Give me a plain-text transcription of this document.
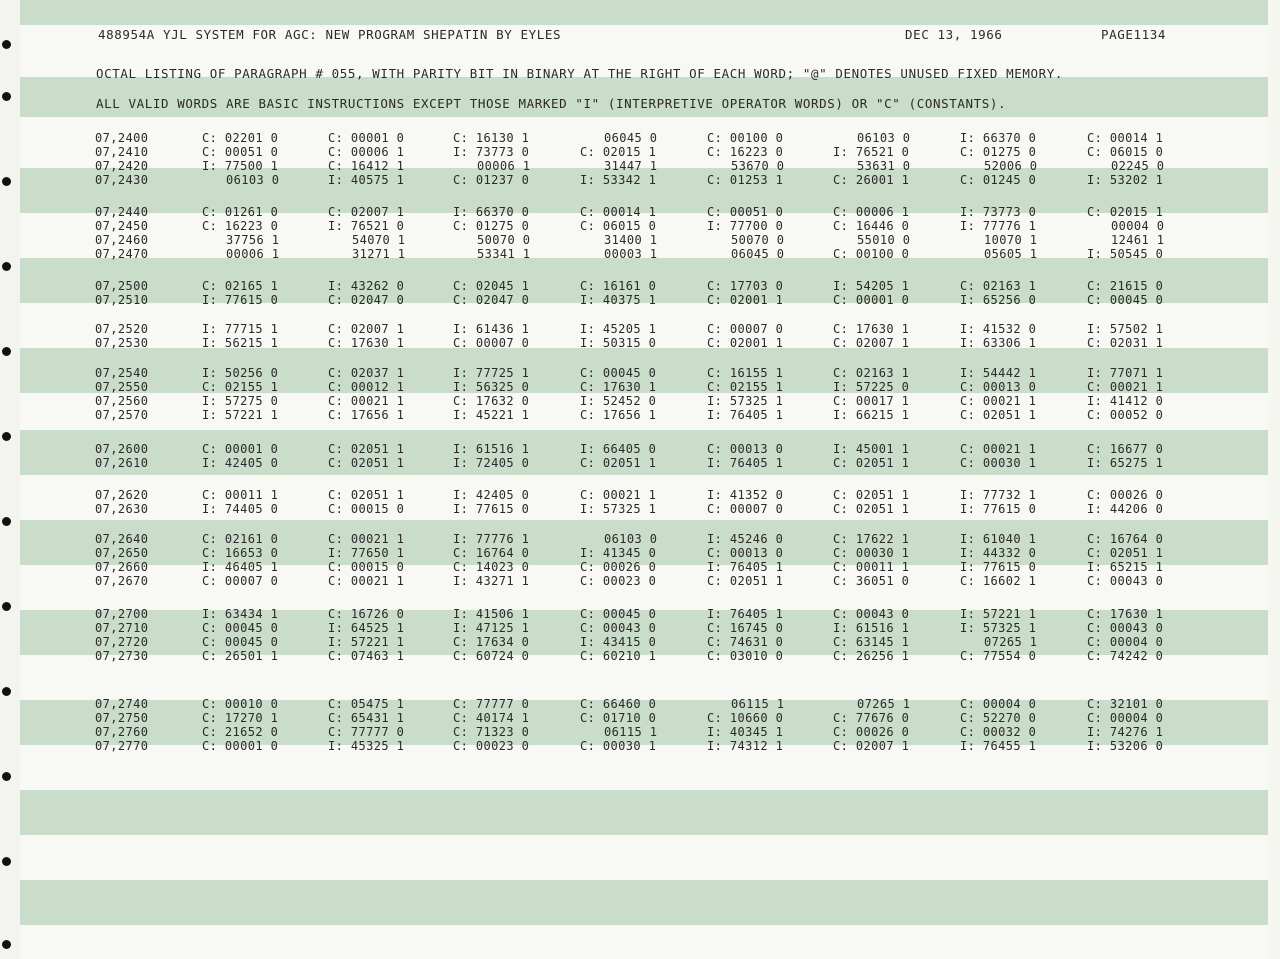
488954A YJL SYSTEM FOR AGC: NEW PROGRAM SHEPATIN BY EYLES	DEC 13, 1966	PAGE1134
OCTAL LISTING OF PARAGRAPH # 055, WITH PARITY BIT IN BINARY AT THE RIGHT OF EACH WORD; "@" DENOTES UNUSED FIXED MEMORY.
ALL VALID WORDS ARE BASIC INSTRUCTIONS EXCEPT THOSE MARKED "I" (INTERPRETIVE OPERATOR WORDS) OR "C" (CONSTANTS).
07,2400	C: 02201 0	C: 00001 0	C: 16130 1	06045 0	C: 00100 0	06103 0	I: 66370 0	C: 00014 1
07,2410	C: 00051 0	C: 00006 1	I: 73773 0	C: 02015 1	C: 16223 0	I: 76521 0	C: 01275 0	C: 06015 0
07,2420	I: 77500 1	C: 16412 1	00006 1	31447 1	53670 0	53631 0	52006 0	02245 0
07,2430	06103 0	I: 40575 1	C: 01237 0	I: 53342 1	C: 01253 1	C: 26001 1	C: 01245 0	I: 53202 1
07,2440	C: 01261 0	C: 02007 1	I: 66370 0	C: 00014 1	C: 00051 0	C: 00006 1	I: 73773 0	C: 02015 1
07,2450	C: 16223 0	I: 76521 0	C: 01275 0	C: 06015 0	I: 77700 0	C: 16446 0	I: 77776 1	00004 0
07,2460	37756 1	54070 1	50070 0	31400 1	50070 0	55010 0	10070 1	12461 1
07,2470	00006 1	31271 1	53341 1	00003 1	06045 0	C: 00100 0	05605 1	I: 50545 0
07,2500	C: 02165 1	I: 43262 0	C: 02045 1	C: 16161 0	C: 17703 0	I: 54205 1	C: 02163 1	C: 21615 0
07,2510	I: 77615 0	C: 02047 0	C: 02047 0	I: 40375 1	C: 02001 1	C: 00001 0	I: 65256 0	C: 00045 0
07,2520	I: 77715 1	C: 02007 1	I: 61436 1	I: 45205 1	C: 00007 0	C: 17630 1	I: 41532 0	I: 57502 1
07,2530	I: 56215 1	C: 17630 1	C: 00007 0	I: 50315 0	C: 02001 1	C: 02007 1	I: 63306 1	C: 02031 1
07,2540	I: 50256 0	C: 02037 1	I: 77725 1	C: 00045 0	C: 16155 1	C: 02163 1	I: 54442 1	I: 77071 1
07,2550	C: 02155 1	C: 00012 1	I: 56325 0	C: 17630 1	C: 02155 1	I: 57225 0	C: 00013 0	C: 00021 1
07,2560	I: 57275 0	C: 00021 1	C: 17632 0	I: 52452 0	I: 57325 1	C: 00017 1	C: 00021 1	I: 41412 0
07,2570	I: 57221 1	C: 17656 1	I: 45221 1	C: 17656 1	I: 76405 1	I: 66215 1	C: 02051 1	C: 00052 0
07,2600	C: 00001 0	C: 02051 1	I: 61516 1	I: 66405 0	C: 00013 0	I: 45001 1	C: 00021 1	C: 16677 0
07,2610	I: 42405 0	C: 02051 1	I: 72405 0	C: 02051 1	I: 76405 1	C: 02051 1	C: 00030 1	I: 65275 1
07,2620	C: 00011 1	C: 02051 1	I: 42405 0	C: 00021 1	I: 41352 0	C: 02051 1	I: 77732 1	C: 00026 0
07,2630	I: 74405 0	C: 00015 0	I: 77615 0	I: 57325 1	C: 00007 0	C: 02051 1	I: 77615 0	I: 44206 0
07,2640	C: 02161 0	C: 00021 1	I: 77776 1	06103 0	I: 45246 0	C: 17622 1	I: 61040 1	C: 16764 0
07,2650	C: 16653 0	I: 77650 1	C: 16764 0	I: 41345 0	C: 00013 0	C: 00030 1	I: 44332 0	C: 02051 1
07,2660	I: 46405 1	C: 00015 0	C: 14023 0	C: 00026 0	I: 76405 1	C: 00011 1	I: 77615 0	I: 65215 1
07,2670	C: 00007 0	C: 00021 1	I: 43271 1	C: 00023 0	C: 02051 1	C: 36051 0	C: 16602 1	C: 00043 0
07,2700	I: 63434 1	C: 16726 0	I: 41506 1	C: 00045 0	I: 76405 1	C: 00043 0	I: 57221 1	C: 17630 1
07,2710	C: 00045 0	I: 64525 1	I: 47125 1	C: 00043 0	C: 16745 0	I: 61516 1	I: 57325 1	C: 00043 0
07,2720	C: 00045 0	I: 57221 1	C: 17634 0	I: 43415 0	C: 74631 0	C: 63145 1	07265 1	C: 00004 0
07,2730	C: 26501 1	C: 07463 1	C: 60724 0	C: 60210 1	C: 03010 0	C: 26256 1	C: 77554 0	C: 74242 0
07,2740	C: 00010 0	C: 05475 1	C: 77777 0	C: 66460 0	06115 1	07265 1	C: 00004 0	C: 32101 0
07,2750	C: 17270 1	C: 65431 1	C: 40174 1	C: 01710 0	C: 10660 0	C: 77676 0	C: 52270 0	C: 00004 0
07,2760	C: 21652 0	C: 77777 0	C: 71323 0	06115 1	I: 40345 1	C: 00026 0	C: 00032 0	I: 74276 1
07,2770	C: 00001 0	I: 45325 1	C: 00023 0	C: 00030 1	I: 74312 1	C: 02007 1	I: 76455 1	I: 53206 0
